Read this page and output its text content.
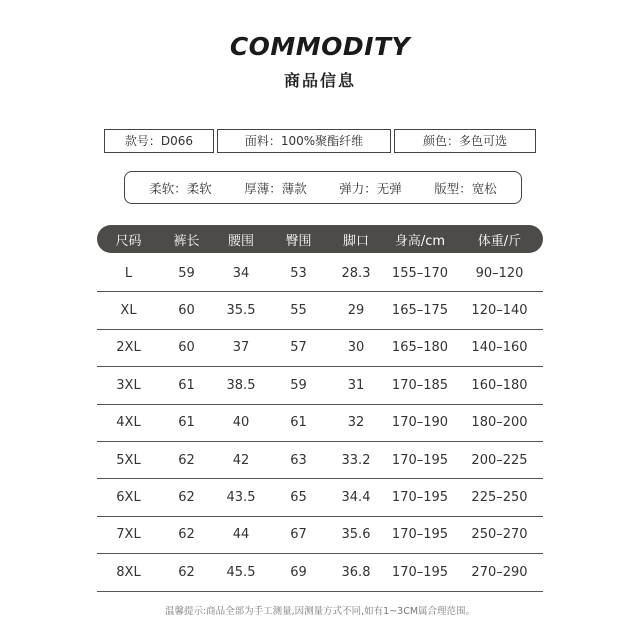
COMMODITY
商品信息
款号：D066	面料：100%聚酯纤维	颜色：多色可选
柔软：柔软	厚薄：薄款	弹力：无弹	版型：宽松
尺码	裤长	腰围	臀围	脚口	身高/cm	体重/斤
L	59	34	53	28.3	155–170	90–120
XL	60	35.5	55	29	165–175	120–140
2XL	60	37	57	30	165–180	140–160
3XL	61	38.5	59	31	170–185	160–180
4XL	61	40	61	32	170–190	180–200
5XL	62	42	63	33.2	170–195	200–225
6XL	62	43.5	65	34.4	170–195	225–250
7XL	62	44	67	35.6	170–195	250–270
8XL	62	45.5	69	36.8	170–195	270–290
温馨提示:商品全部为手工测量,因测量方式不同,如有1~3CM属合理范围。
